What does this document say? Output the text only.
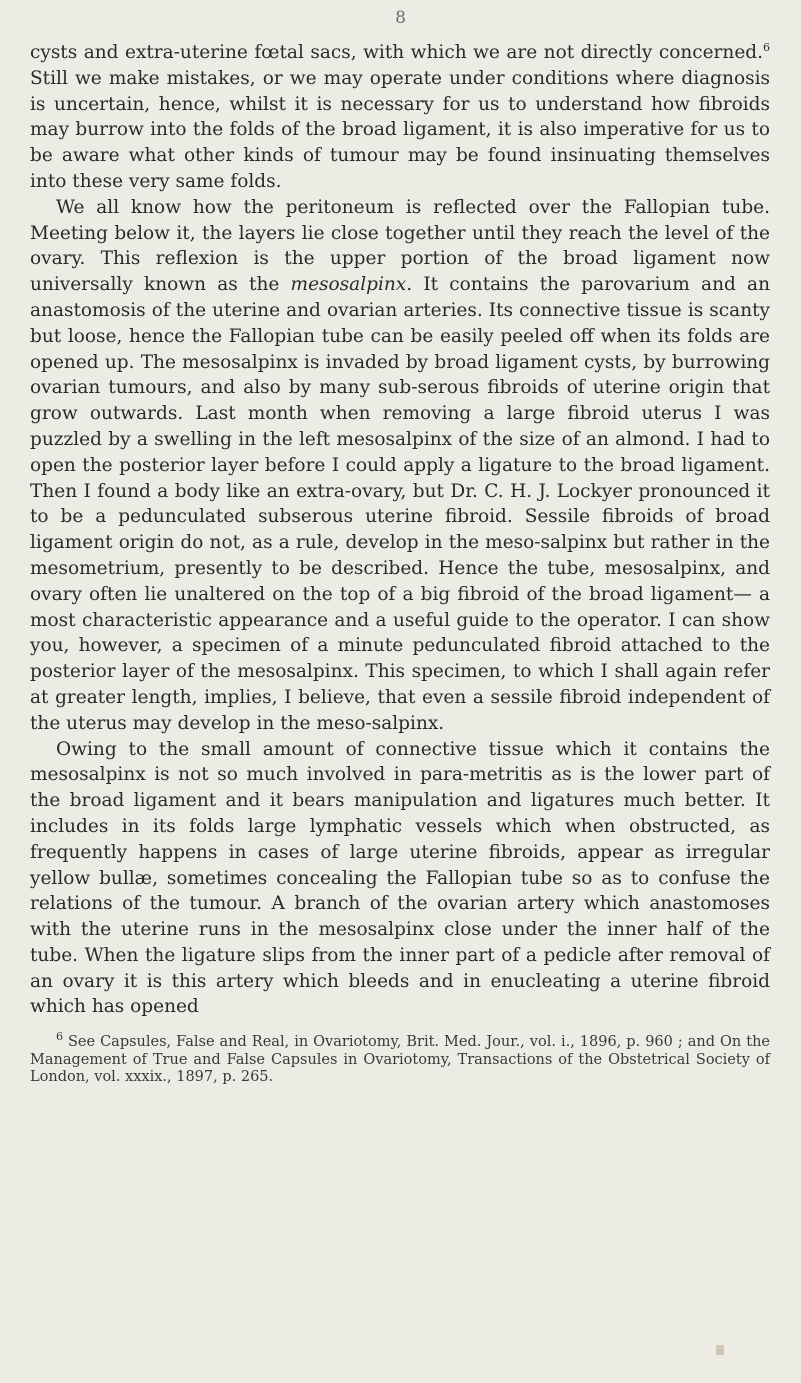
8

cysts and extra-uterine fœtal sacs, with which we are not directly concerned.$^6$ Still we make mistakes, or we may operate under conditions where diagnosis is uncertain, hence, whilst it is necessary for us to understand how fibroids may burrow into the folds of the broad ligament, it is also imperative for us to be aware what other kinds of tumour may be found insinuating themselves into these very same folds.

We all know how the peritoneum is reflected over the Fallopian tube. Meeting below it, the layers lie close together until they reach the level of the ovary. This reflexion is the upper portion of the broad ligament now universally known as the mesosalpinx. It contains the parovarium and an anastomosis of the uterine and ovarian arteries. Its connective tissue is scanty but loose, hence the Fallopian tube can be easily peeled off when its folds are opened up. The mesosalpinx is invaded by broad ligament cysts, by burrowing ovarian tumours, and also by many sub-serous fibroids of uterine origin that grow outwards. Last month when removing a large fibroid uterus I was puzzled by a swelling in the left mesosalpinx of the size of an almond. I had to open the posterior layer before I could apply a ligature to the broad ligament. Then I found a body like an extra-ovary, but Dr. C. H. J. Lockyer pronounced it to be a pedunculated subserous uterine fibroid. Sessile fibroids of broad ligament origin do not, as a rule, develop in the meso-salpinx but rather in the mesometrium, presently to be described. Hence the tube, mesosalpinx, and ovary often lie unaltered on the top of a big fibroid of the broad ligament— a most characteristic appearance and a useful guide to the operator. I can show you, however, a specimen of a minute pedunculated fibroid attached to the posterior layer of the mesosalpinx. This specimen, to which I shall again refer at greater length, implies, I believe, that even a sessile fibroid independent of the uterus may develop in the meso-salpinx.

Owing to the small amount of connective tissue which it contains the mesosalpinx is not so much involved in para-metritis as is the lower part of the broad ligament and it bears manipulation and ligatures much better. It includes in its folds large lymphatic vessels which when obstructed, as frequently happens in cases of large uterine fibroids, appear as irregular yellow bullæ, sometimes concealing the Fallopian tube so as to confuse the relations of the tumour. A branch of the ovarian artery which anastomoses with the uterine runs in the mesosalpinx close under the inner half of the tube. When the ligature slips from the inner part of a pedicle after removal of an ovary it is this artery which bleeds and in enucleating a uterine fibroid which has opened

$^6$ See Capsules, False and Real, in Ovariotomy, Brit. Med. Jour., vol. i., 1896, p. 960 ; and On the Management of True and False Capsules in Ovariotomy, Transactions of the Obstetrical Society of London, vol. xxxix., 1897, p. 265.
